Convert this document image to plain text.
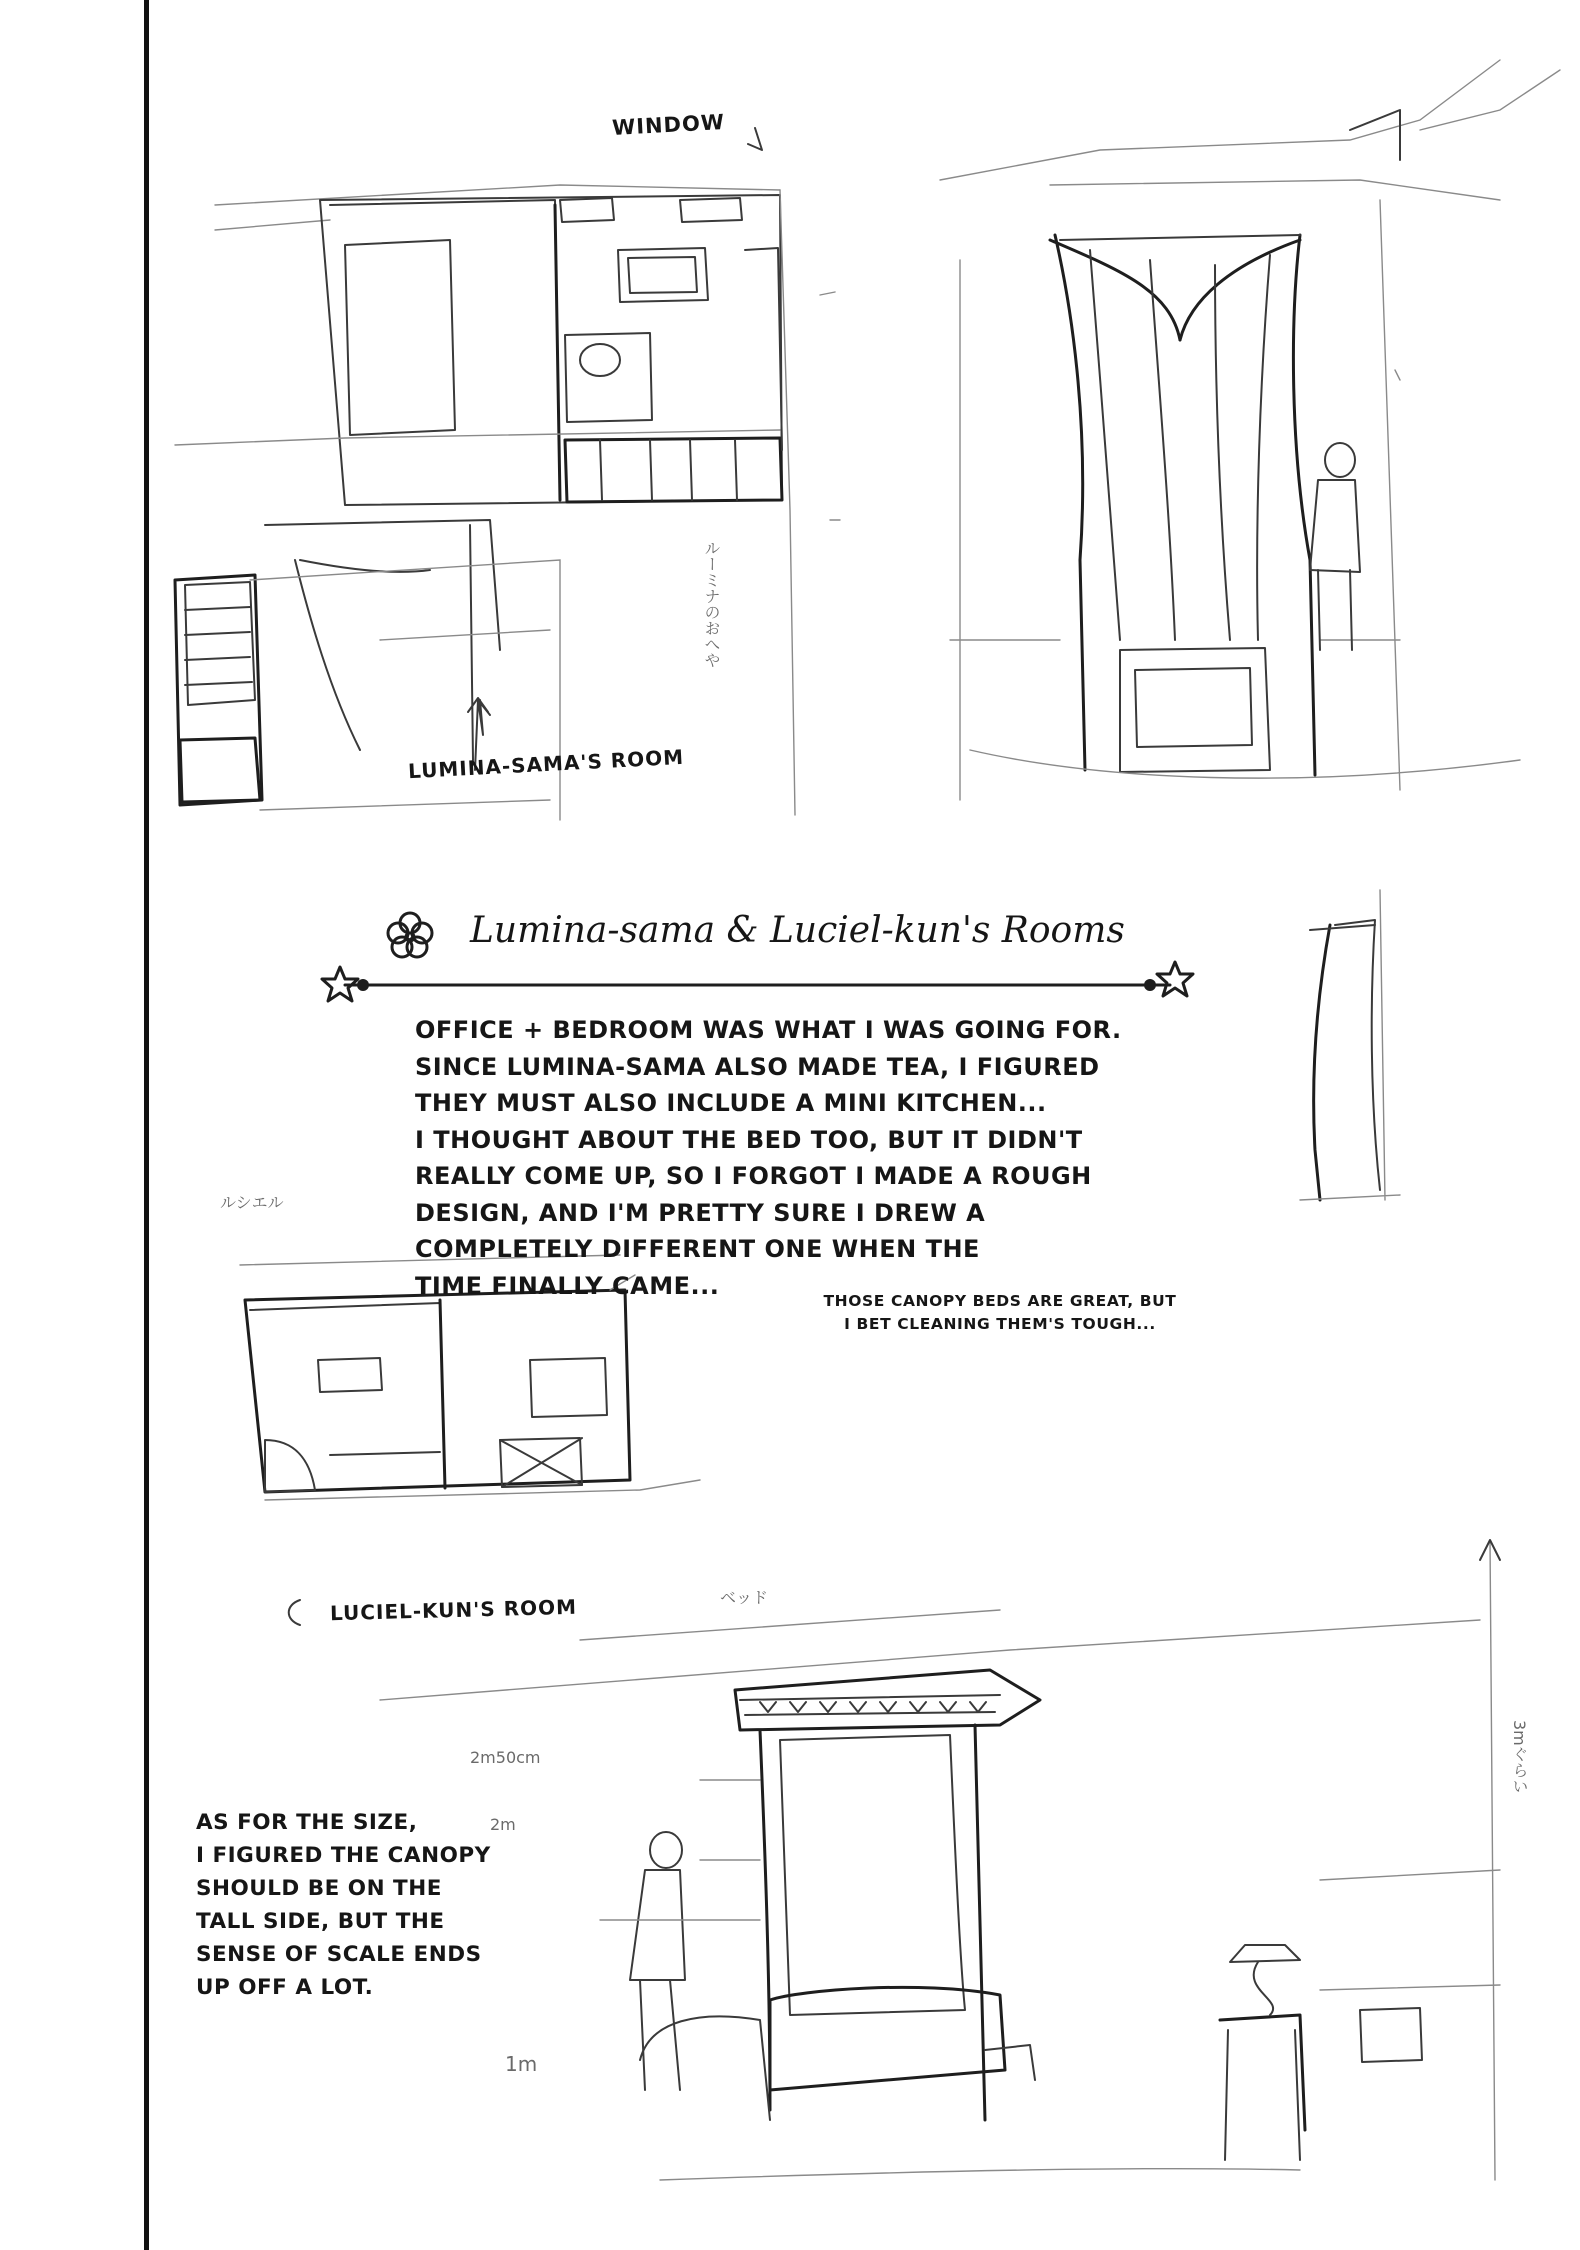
WINDOW
LUMINA-SAMA'S ROOM
LUCIEL-KUN'S ROOM
Lumina-sama & Luciel-kun's Rooms
OFFICE + BEDROOM WAS WHAT I WAS GOING FOR.
SINCE LUMINA-SAMA ALSO MADE TEA, I FIGURED
THEY MUST ALSO INCLUDE A MINI KITCHEN...
I THOUGHT ABOUT THE BED TOO, BUT IT DIDN'T
REALLY COME UP, SO I FORGOT I MADE A ROUGH
DESIGN, AND I'M PRETTY SURE I DREW A
COMPLETELY DIFFERENT ONE WHEN THE
TIME FINALLY CAME...
THOSE CANOPY BEDS ARE GREAT, BUT
I BET CLEANING THEM'S TOUGH...
AS FOR THE SIZE,
I FIGURED THE CANOPY
SHOULD BE ON THE
TALL SIDE, BUT THE
SENSE OF SCALE ENDS
UP OFF A LOT.
ルシエル
ベッド
ルーミナのおへや
2m50cm
2m
1m
3mぐらい
